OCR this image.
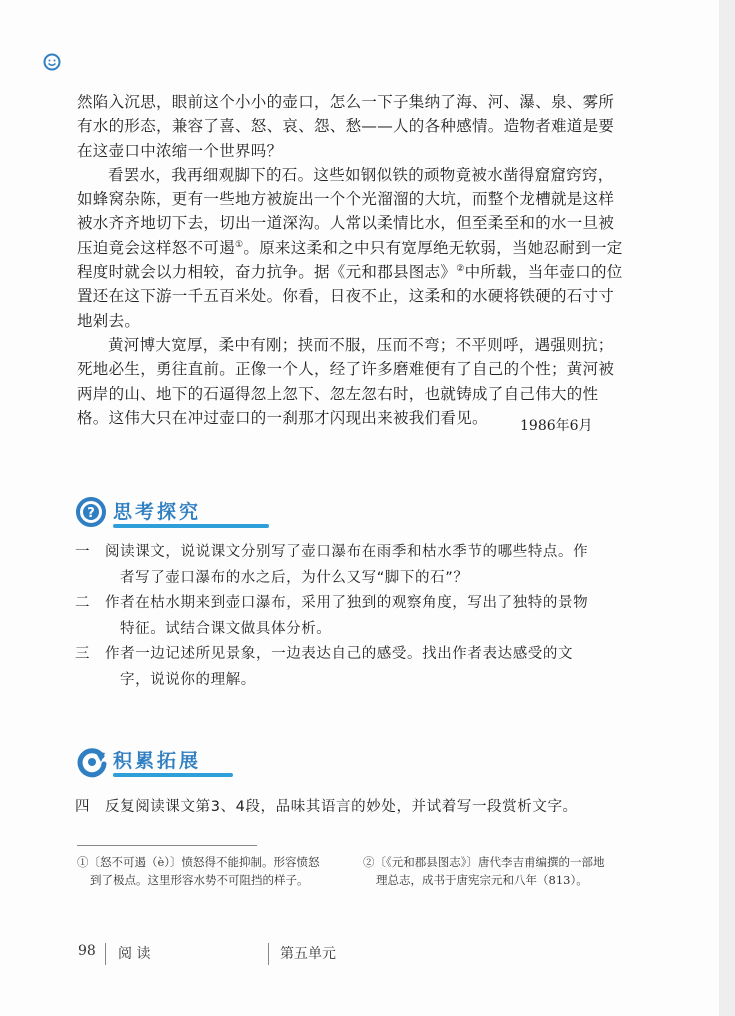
然陷入沉思，眼前这个小小的壶口，怎么一下子集纳了海、河、瀑、泉、雾所有水的形态，兼容了喜、怒、哀、怨、愁——人的各种感情。造物者难道是要在这壶口中浓缩一个世界吗？

看罢水，我再细观脚下的石。这些如钢似铁的顽物竟被水凿得窟窟窍窍，如蜂窝杂陈，更有一些地方被旋出一个个光溜溜的大坑，而整个龙槽就是这样被水齐齐地切下去，切出一道深沟。人常以柔情比水，但至柔至和的水一旦被压迫竟会这样怒不可遏①。原来这柔和之中只有宽厚绝无软弱，当她忍耐到一定程度时就会以力相较，奋力抗争。据《元和郡县图志》②中所载，当年壶口的位置还在这下游一千五百米处。你看，日夜不止，这柔和的水硬将铁硬的石寸寸地剁去。

黄河博大宽厚，柔中有刚；挟而不服，压而不弯；不平则呼，遇强则抗；死地必生，勇往直前。正像一个人，经了许多磨难便有了自己的个性；黄河被两岸的山、地下的石逼得忽上忽下、忽左忽右时，也就铸成了自己伟大的性格。这伟大只在冲过壶口的一刹那才闪现出来被我们看见。	1986年6月
? 思考探究
一 阅读课文，说说课文分别写了壶口瀑布在雨季和枯水季节的哪些特点。作
者写了壶口瀑布的水之后，为什么又写“脚下的石”？
二 作者在枯水期来到壶口瀑布，采用了独到的观察角度，写出了独特的景物
特征。试结合课文做具体分析。
三 作者一边记述所见景象，一边表达自己的感受。找出作者表达感受的文
字，说说你的理解。
积累拓展
四 反复阅读课文第3、4段，品味其语言的妙处，并试着写一段赏析文字。
①〔怒不可遏（è）〕愤怒得不能抑制。形容愤怒
到了极点。这里形容水势不可阻挡的样子。
②〔《元和郡县图志》〕唐代李吉甫编撰的一部地
理总志，成书于唐宪宗元和八年（813）。
98 阅 读	第五单元
